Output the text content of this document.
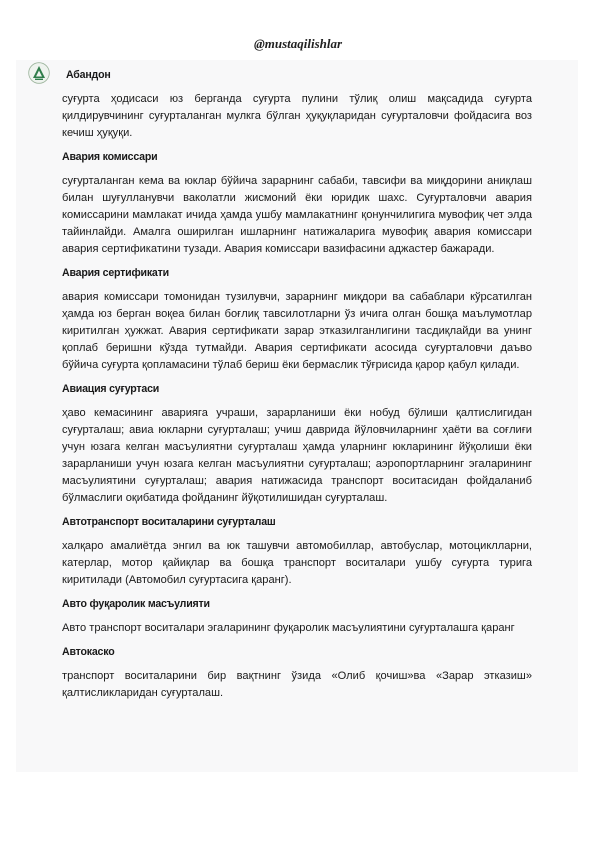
@mustaqilishlar

Абандон

суғурта ҳодисаси юз берганда суғурта пулини тўлиқ олиш мақсадида суғурта қилдирувчининг суғурталанган мулкга бўлган ҳуқуқларидан суғурталовчи фойдасига воз кечиш ҳуқуқи.

Авария комиссари

суғурталанган кема ва юклар бўйича зарарнинг сабаби, тавсифи ва миқдорини аниқлаш билан шуғулланувчи ваколатли жисмоний ёки юридик шахс. Суғурталовчи авария комиссарини мамлакат ичида ҳамда ушбу мамлакатнинг қонунчилигига мувофиқ чет элда тайинлайди. Амалга оширилган ишларнинг натижаларига мувофиқ авария комиссари авария сертификатини тузади. Авария комиссари вазифасини аджастер бажаради.

Авария сертификати

авария комиссари томонидан тузилувчи, зарарнинг миқдори ва сабаблари кўрсатилган ҳамда юз берган воқеа билан боғлиқ тавсилотларни ўз ичига олган бошқа маълумотлар киритилган ҳужжат. Авария сертификати зарар этказилганлигини тасдиқлайди ва унинг қоплаб беришни кўзда тутмайди. Авария сертификати асосида суғурталовчи даъво бўйича суғурта қопламасини тўлаб бериш ёки бермаслик тўғрисида қарор қабул қилади.

Авиация суғуртаси

ҳаво кемасининг аварияга учраши, зарарланиши ёки нобуд бўлиши қалтислигидан суғурталаш; авиа юкларни суғурталаш; учиш даврида йўловчиларнинг ҳаёти ва соғлиғи учун юзага келган масъулиятни суғурталаш ҳамда уларнинг юкларининг йўқолиши ёки зарарланиши учун юзага келган масъулиятни суғурталаш; аэропортларнинг эгаларининг масъулиятини суғурталаш; авария натижасида транспорт воситасидан фойдаланиб бўлмаслиги оқибатида фойданинг йўқотилишидан суғурталаш.

Автотранспорт воситаларини суғурталаш

халқаро амалиётда энгил ва юк ташувчи автомобиллар, автобуслар, мотоциклларни, катерлар, мотор қайиқлар ва бошқа транспорт воситалари ушбу суғурта турига киритилади (Автомобил суғуртасига қаранг).

Авто фуқаролик масъулияти

Авто транспорт воситалари эгаларининг фуқаролик масъулиятини суғурталашга қаранг

Автокаско

транспорт воситаларини бир вақтнинг ўзида «Олиб қочиш»ва «Зарар этказиш» қалтисликларидан суғурталаш.
